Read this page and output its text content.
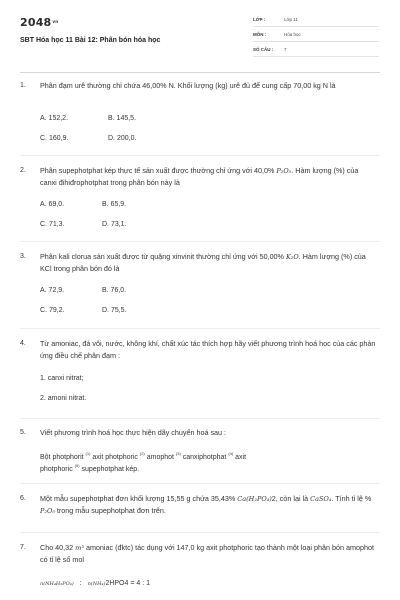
$2048^{vn}$
SBT Hóa học 11 Bài 12: Phân bón hóa học
LỚP :	Lớp 11
MÔN :	Hóa học
SỐ CÂU : 7
1. Phân đạm urê thường chỉ chứa 46,00% N. Khối lượng (kg) urê đủ để cung cấp 70,00 kg N là
A. 152,2.	B. 145,5.
C. 160,9.	D. 200,0.
2. Phân supephotphat kép thực tế sản xuất được thường chỉ ứng với 40,0% P₂O₅. Hàm lượng (%) của canxi đihiđrophotphat trong phân bón này là
A. 69,0.	B. 65,9.
C. 71,3.	D. 73,1.
3. Phân kali clorua sản xuất được từ quặng xinvinit thường chỉ ứng với 50,00% K₂O. Hàm lượng (%) của KCl trong phân bón đó là
A. 72,9.	B. 76,0.
C. 79,2.	D. 75,5.
4. Từ amoniac, đá vôi, nước, không khí, chất xúc tác thích hợp hãy viết phương trình hoá học của các phản ứng điều chế phân đạm :
1. canxi nitrat;
2. amoni nitrat.
5. Viết phương trình hoá học thực hiện dãy chuyển hoá sau :
Bột photphorit $^{(1)}$ axit photphoric $^{(2)}$ amophot $^{(3)}$ canxiphotphat $^{(4)}$ axit
photphoric $^{(5)}$ supephotphat kép.
6. Một mẫu supephotphat đơn khối lượng 15,55 g chứa 35,43% Ca(H₂PO₄)2, còn lại là CaSO₄. Tính tỉ lệ % P₂O₅ trong mẫu supephotphat đơn trên.
7. Cho 40,32 m³ amoniac (đktc) tác dụng với 147,0 kg axit photphoric tạo thành một loại phân bón amophot có tỉ lệ số mol
n(NH₄H₂PO₄) : n(NH₄)2HPO4 = 4 : 1
